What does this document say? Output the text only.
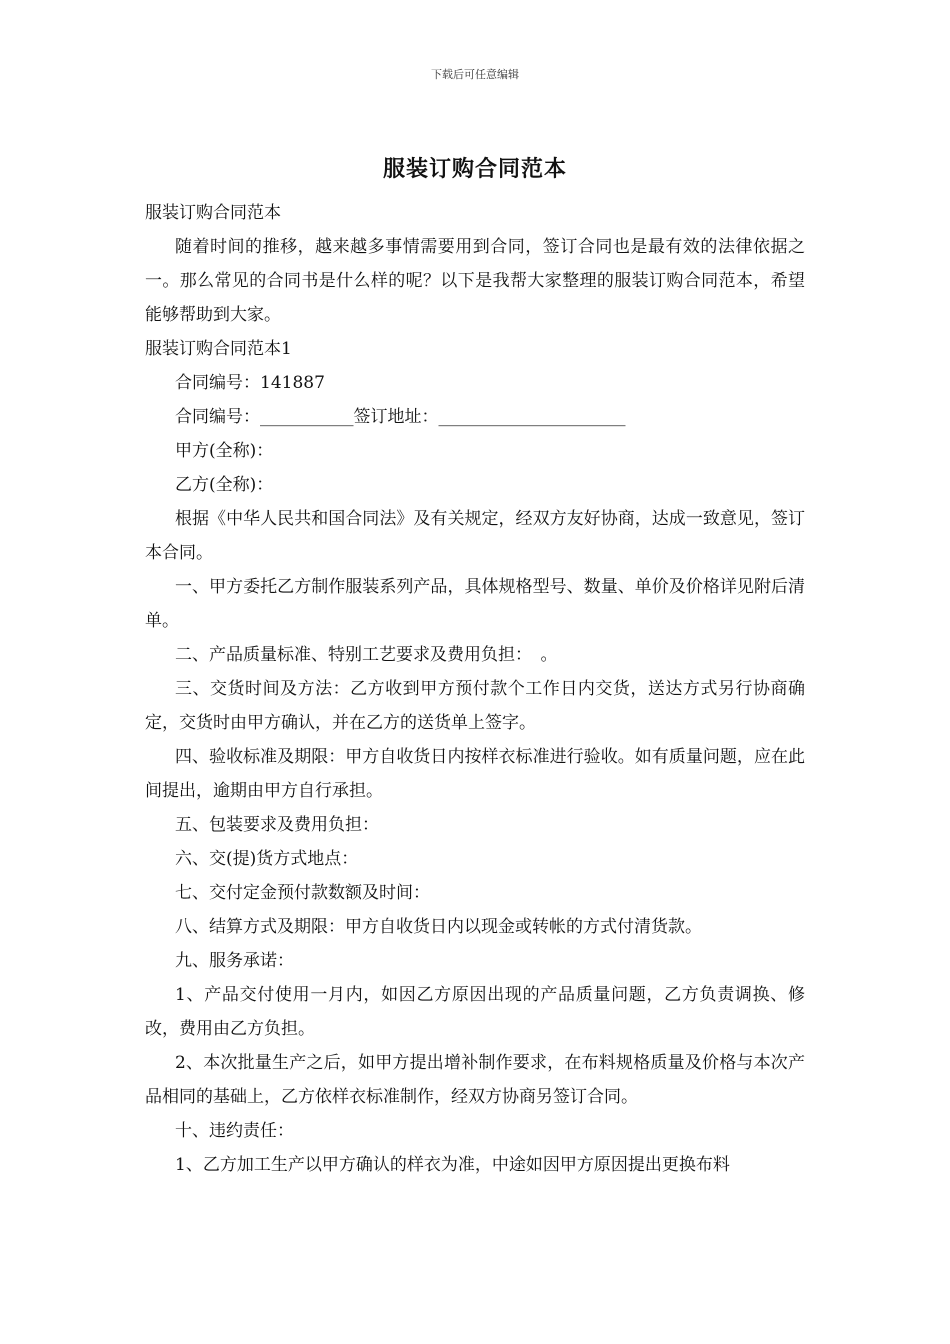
下载后可任意编辑
服装订购合同范本

服装订购合同范本

随着时间的推移，越来越多事情需要用到合同，签订合同也是最有效的法律依据之一。那么常见的合同书是什么样的呢？以下是我帮大家整理的服装订购合同范本，希望能够帮助到大家。

服装订购合同范本1

合同编号：141887

合同编号：___________签订地址：______________________

甲方(全称)：

乙方(全称)：

根据《中华人民共和国合同法》及有关规定，经双方友好协商，达成一致意见，签订本合同。

一、甲方委托乙方制作服装系列产品，具体规格型号、数量、单价及价格详见附后清单。

二、产品质量标准、特别工艺要求及费用负担：　。

三、交货时间及方法：乙方收到甲方预付款个工作日内交货，送达方式另行协商确定，交货时由甲方确认，并在乙方的送货单上签字。

四、验收标准及期限：甲方自收货日内按样衣标准进行验收。如有质量问题，应在此间提出，逾期由甲方自行承担。

五、包装要求及费用负担：

六、交(提)货方式地点：

七、交付定金预付款数额及时间：

八、结算方式及期限：甲方自收货日内以现金或转帐的方式付清货款。

九、服务承诺：

1、产品交付使用一月内，如因乙方原因出现的产品质量问题，乙方负责调换、修改，费用由乙方负担。

2、本次批量生产之后，如甲方提出增补制作要求，在布料规格质量及价格与本次产品相同的基础上，乙方依样衣标准制作，经双方协商另签订合同。

十、违约责任：

1、乙方加工生产以甲方确认的样衣为准，中途如因甲方原因提出更换布料
